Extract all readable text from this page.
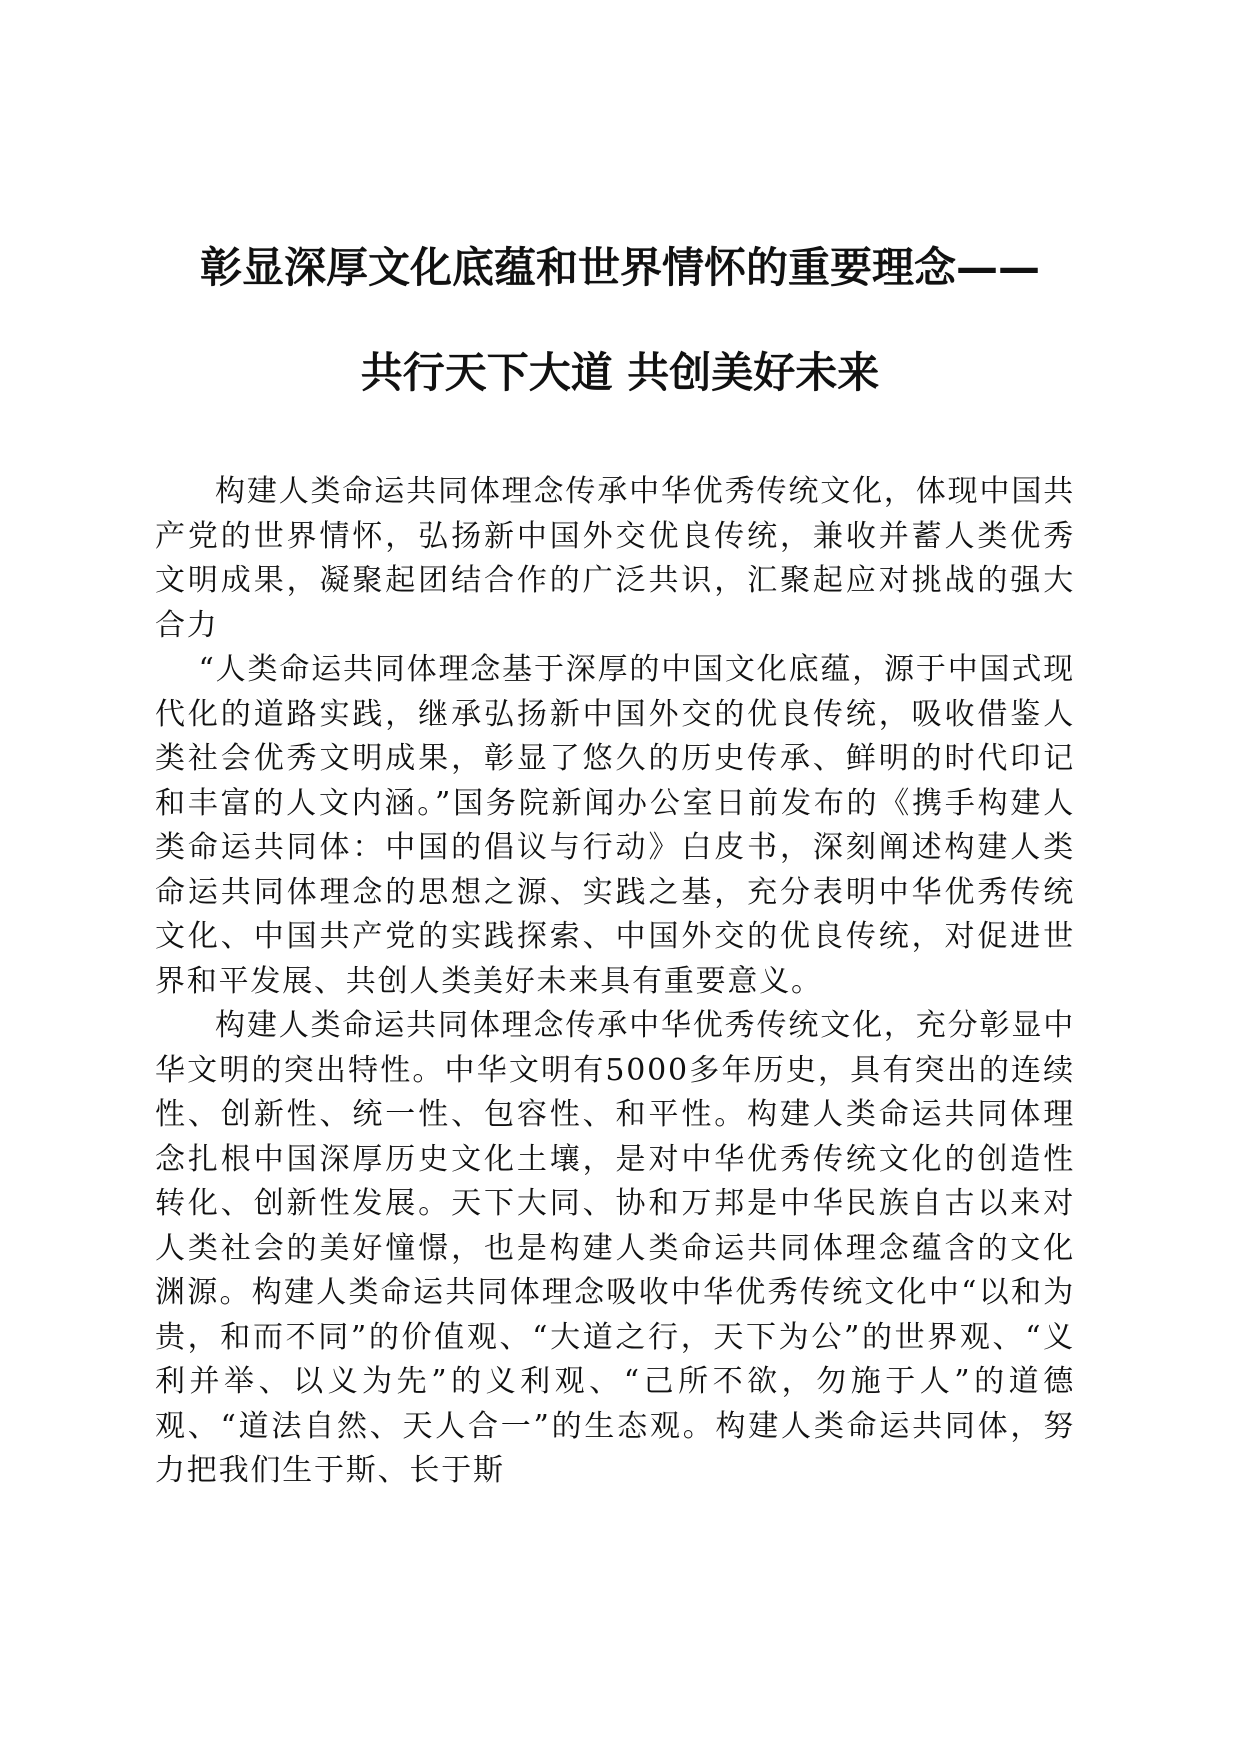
彰显深厚文化底蕴和世界情怀的重要理念——
共行天下大道 共创美好未来

构建人类命运共同体理念传承中华优秀传统文化，体现中国共产党的世界情怀，弘扬新中国外交优良传统，兼收并蓄人类优秀文明成果，凝聚起团结合作的广泛共识，汇聚起应对挑战的强大合力

“人类命运共同体理念基于深厚的中国文化底蕴，源于中国式现代化的道路实践，继承弘扬新中国外交的优良传统，吸收借鉴人类社会优秀文明成果，彰显了悠久的历史传承、鲜明的时代印记和丰富的人文内涵。”国务院新闻办公室日前发布的《携手构建人类命运共同体：中国的倡议与行动》白皮书，深刻阐述构建人类命运共同体理念的思想之源、实践之基，充分表明中华优秀传统文化、中国共产党的实践探索、中国外交的优良传统，对促进世界和平发展、共创人类美好未来具有重要意义。

构建人类命运共同体理念传承中华优秀传统文化，充分彰显中华文明的突出特性。中华文明有5000多年历史，具有突出的连续性、创新性、统一性、包容性、和平性。构建人类命运共同体理念扎根中国深厚历史文化土壤，是对中华优秀传统文化的创造性转化、创新性发展。天下大同、协和万邦是中华民族自古以来对人类社会的美好憧憬，也是构建人类命运共同体理念蕴含的文化渊源。构建人类命运共同体理念吸收中华优秀传统文化中“以和为贵，和而不同”的价值观、“大道之行，天下为公”的世界观、“义利并举、以义为先”的义利观、“己所不欲，勿施于人”的道德观、“道法自然、天人合一”的生态观。构建人类命运共同体，努力把我们生于斯、长于斯
